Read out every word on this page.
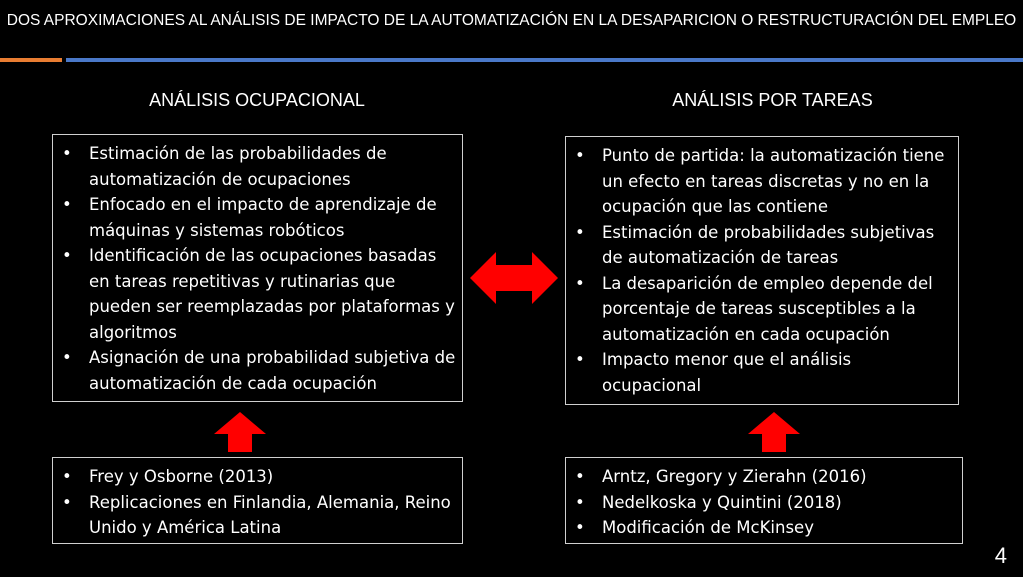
DOS APROXIMACIONES AL ANÁLISIS DE IMPACTO DE LA AUTOMATIZACIÓN EN LA DESAPARICION O RESTRUCTURACIÓN DEL EMPLEO
ANÁLISIS OCUPACIONAL	ANÁLISIS POR TAREAS
• Estimación de las probabilidades de automatización de ocupaciones
• Enfocado en el impacto de aprendizaje de máquinas y sistemas robóticos
• Identificación de las ocupaciones basadas en tareas repetitivas y rutinarias que pueden ser reemplazadas por plataformas y algoritmos
• Asignación de una probabilidad subjetiva de automatización de cada ocupación
• Punto de partida: la automatización tiene un efecto en tareas discretas y no en la ocupación que las contiene
• Estimación de probabilidades subjetivas de automatización de tareas
• La desaparición de empleo depende del porcentaje de tareas susceptibles a la automatización en cada ocupación
• Impacto menor que el análisis ocupacional
• Frey y Osborne (2013)
• Replicaciones en Finlandia, Alemania, Reino Unido y América Latina
• Arntz, Gregory y Zierahn (2016)
• Nedelkoska y Quintini (2018)
• Modificación de McKinsey
4
